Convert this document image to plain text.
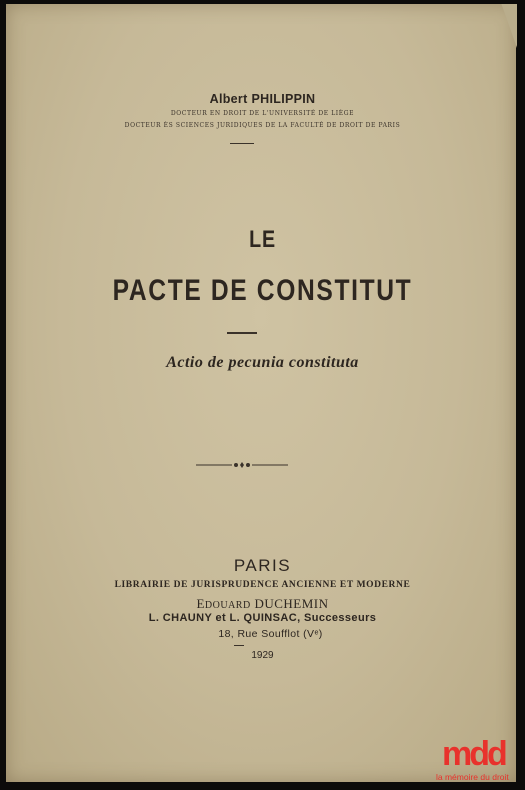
Albert PHILIPPIN
DOCTEUR EN DROIT DE L'UNIVERSITÉ DE LIÈGE
DOCTEUR ÈS SCIENCES JURIDIQUES DE LA FACULTÉ DE DROIT DE PARIS
LE
PACTE DE CONSTITUT
Actio de pecunia constituta
PARIS
LIBRAIRIE DE JURISPRUDENCE ANCIENNE ET MODERNE
EDOUARD DUCHEMIN
L. CHAUNY et L. QUINSAC, Successeurs
18, Rue Soufflot (Vᵉ)
1929
mdd
la mémoire du droit
